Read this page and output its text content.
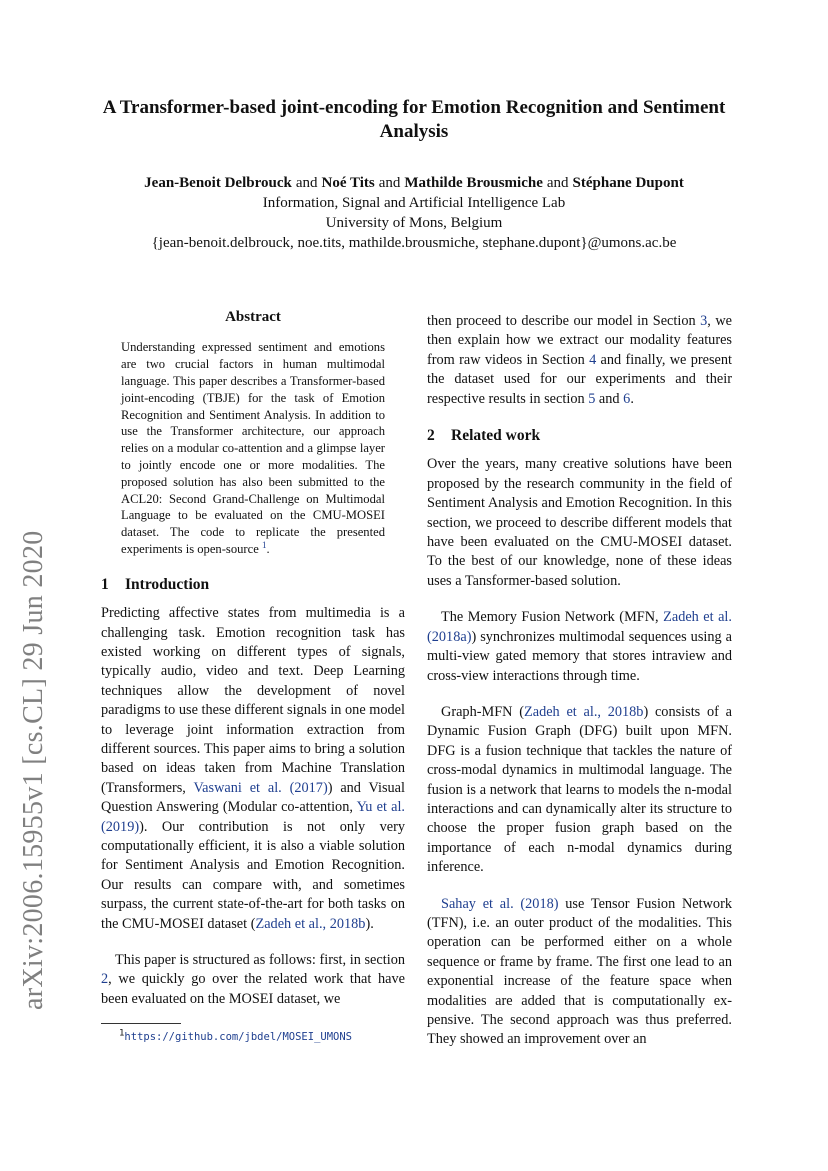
arXiv:2006.15955v1 [cs.CL] 29 Jun 2020
A Transformer-based joint-encoding for Emotion Recognition and Sentiment Analysis
Jean-Benoit Delbrouck and Noé Tits and Mathilde Brousmiche and Stéphane Dupont
Information, Signal and Artificial Intelligence Lab
University of Mons, Belgium
{jean-benoit.delbrouck, noe.tits, mathilde.brousmiche, stephane.dupont}@umons.ac.be
Abstract

Understanding expressed sentiment and emotions are two crucial factors in human multimodal language. This paper describes a Transformer-based joint-encoding (TBJE) for the task of Emotion Recognition and Sentiment Analysis. In addition to use the Transformer architecture, our approach relies on a modular co-attention and a glimpse layer to jointly encode one or more modalities. The proposed solution has also been submitted to the ACL20: Second Grand-Challenge on Multimodal Language to be evaluated on the CMU-MOSEI dataset. The code to replicate the presented experiments is open-source $^1$.

1 Introduction

Predicting affective states from multimedia is a challenging task. Emotion recognition task has existed working on different types of signals, typically audio, video and text. Deep Learning techniques allow the development of novel paradigms to use these different signals in one model to leverage joint information extraction from different sources. This paper aims to bring a solution based on ideas taken from Machine Translation (Transformers, Vaswani et al. (2017)) and Visual Question Answering (Modular co-attention, Yu et al. (2019)). Our contribution is not only very computationally efficient, it is also a viable solution for Sentiment Analysis and Emotion Recognition. Our results can compare with, and sometimes surpass, the current state-of-the-art for both tasks on the CMU-MOSEI dataset (Zadeh et al., 2018b).

This paper is structured as follows: first, in section 2, we quickly go over the related work that have been evaluated on the MOSEI dataset, we

$^1$https://github.com/jbdel/MOSEI_UMONS

then proceed to describe our model in Section 3, we then explain how we extract our modality features from raw videos in Section 4 and finally, we present the dataset used for our experiments and their respective results in section 5 and 6.

2 Related work

Over the years, many creative solutions have been proposed by the research community in the field of Sentiment Analysis and Emotion Recognition. In this section, we proceed to describe different models that have been evaluated on the CMU-MOSEI dataset. To the best of our knowledge, none of these ideas uses a Tansformer-based solution.

The Memory Fusion Network (MFN, Zadeh et al. (2018a)) synchronizes multimodal sequences using a multi-view gated memory that stores intraview and cross-view interactions through time.

Graph-MFN (Zadeh et al., 2018b) consists of a Dynamic Fusion Graph (DFG) built upon MFN. DFG is a fusion technique that tackles the nature of cross-modal dynamics in multimodal language. The fusion is a network that learns to models the n-modal interactions and can dynamically alter its structure to choose the proper fusion graph based on the importance of each n-modal dynamics during inference.

Sahay et al. (2018) use Tensor Fusion Network (TFN), i.e. an outer product of the modalities. This operation can be performed either on a whole sequence or frame by frame. The first one lead to an exponential increase of the feature space when modalities are added that is computationally ex-pensive. The second approach was thus preferred. They showed an improvement over an
